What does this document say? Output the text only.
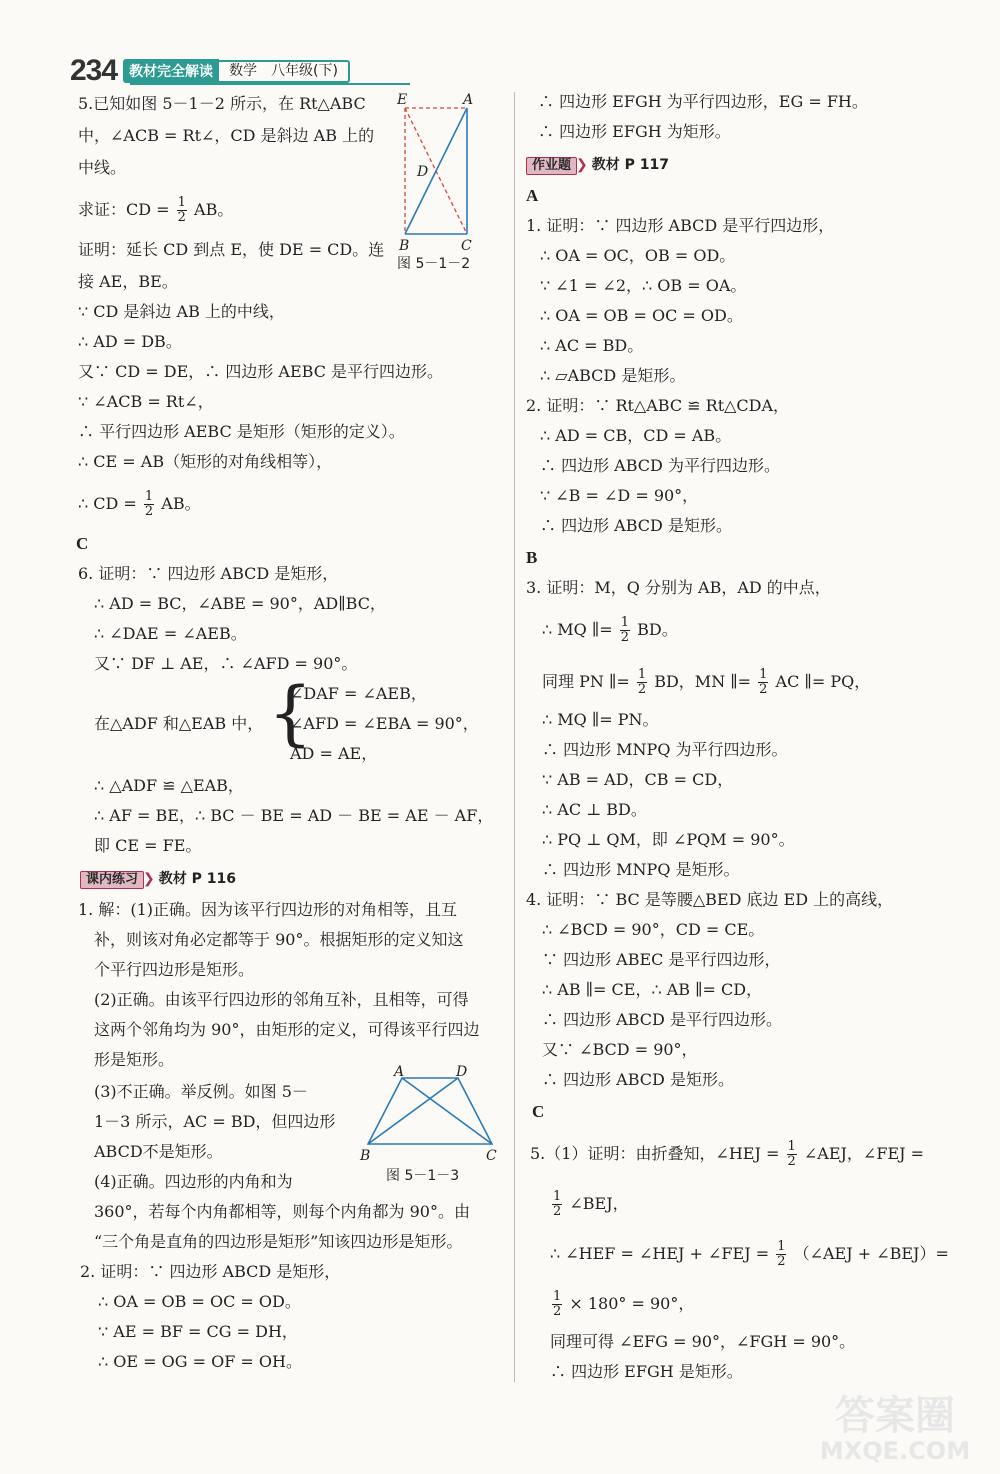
234 教材完全解读	数学　八年级(下)
5.已知如图 5－1－2 所示，在 Rt△ABC
中，∠ACB = Rt∠，CD 是斜边 AB 上的
中线。
求证：CD = $\frac{1}{2}$ AB。
证明：延长 CD 到点 E，使 DE = CD。连
接 AE，BE。
∵ CD 是斜边 AB 上的中线，
∴ AD = DB。
又∵ CD = DE，∴ 四边形 AEBC 是平行四边形。
∵ ∠ACB = Rt∠，
∴ 平行四边形 AEBC 是矩形（矩形的定义）。
∴ CE = AB（矩形的对角线相等），
∴ CD = $\frac{1}{2}$ AB。
C
6. 证明：∵ 四边形 ABCD 是矩形，
∴ AD = BC，∠ABE = 90°，AD∥BC，
∴ ∠DAE = ∠AEB。
又∵ DF ⊥ AE，∴ ∠AFD = 90°。
∠DAF = ∠AEB，
在△ADF 和△EAB 中， {
∠AFD = ∠EBA = 90°，
AD = AE，
∴ △ADF ≌ △EAB，
∴ AF = BE，∴ BC － BE = AD － BE = AE － AF，
即 CE = FE。
课内练习 ❯ 教材 P 116
1. 解：(1)正确。因为该平行四边形的对角相等，且互
补，则该对角必定都等于 90°。根据矩形的定义知这
个平行四边形是矩形。
(2)正确。由该平行四边形的邻角互补，且相等，可得
这两个邻角均为 90°，由矩形的定义，可得该平行四边
形是矩形。
(3)不正确。举反例。如图 5－
1－3 所示，AC = BD，但四边形
ABCD不是矩形。
(4)正确。四边形的内角和为
360°，若每个内角都相等，则每个内角都为 90°。由
“三个角是直角的四边形是矩形”知该四边形是矩形。
2. 证明：∵ 四边形 ABCD 是矩形，
∴ OA = OB = OC = OD。
∵ AE = BF = CG = DH，
∴ OE = OG = OF = OH。
E	A
D
B	C
图 5－1－2
A	D
B	C
图 5－1－3
∴ 四边形 EFGH 为平行四边形，EG = FH。
∴ 四边形 EFGH 为矩形。
作业题 ❯ 教材 P 117
A
1. 证明：∵ 四边形 ABCD 是平行四边形，
∴ OA = OC，OB = OD。
∵ ∠1 = ∠2，∴ OB = OA。
∴ OA = OB = OC = OD。
∴ AC = BD。
∴ ▱ABCD 是矩形。
2. 证明：∵ Rt△ABC ≌ Rt△CDA，
∴ AD = CB，CD = AB。
∴ 四边形 ABCD 为平行四边形。
∵ ∠B = ∠D = 90°，
∴ 四边形 ABCD 是矩形。
B
3. 证明：M，Q 分别为 AB，AD 的中点，
∴ MQ ∥= $\frac{1}{2}$ BD。
同理 PN ∥= $\frac{1}{2}$ BD，MN ∥= $\frac{1}{2}$ AC ∥= PQ，
∴ MQ ∥= PN。
∴ 四边形 MNPQ 为平行四边形。
∵ AB = AD，CB = CD，
∴ AC ⊥ BD。
∴ PQ ⊥ QM，即 ∠PQM = 90°。
∴ 四边形 MNPQ 是矩形。
4. 证明：∵ BC 是等腰△BED 底边 ED 上的高线，
∴ ∠BCD = 90°，CD = CE。
∵ 四边形 ABEC 是平行四边形，
∴ AB ∥= CE，∴ AB ∥= CD，
∴ 四边形 ABCD 是平行四边形。
又∵ ∠BCD = 90°，
∴ 四边形 ABCD 是矩形。
C
5.（1）证明：由折叠知，∠HEJ = $\frac{1}{2}$ ∠AEJ，∠FEJ =
$\frac{1}{2}$ ∠BEJ，
∴ ∠HEF = ∠HEJ + ∠FEJ = $\frac{1}{2}$ （∠AEJ + ∠BEJ）=
$\frac{1}{2} \times 180^\circ = 90^\circ$，
同理可得 ∠EFG = 90°，∠FGH = 90°。
∴ 四边形 EFGH 是矩形。
答案圈
MXQE.COM
